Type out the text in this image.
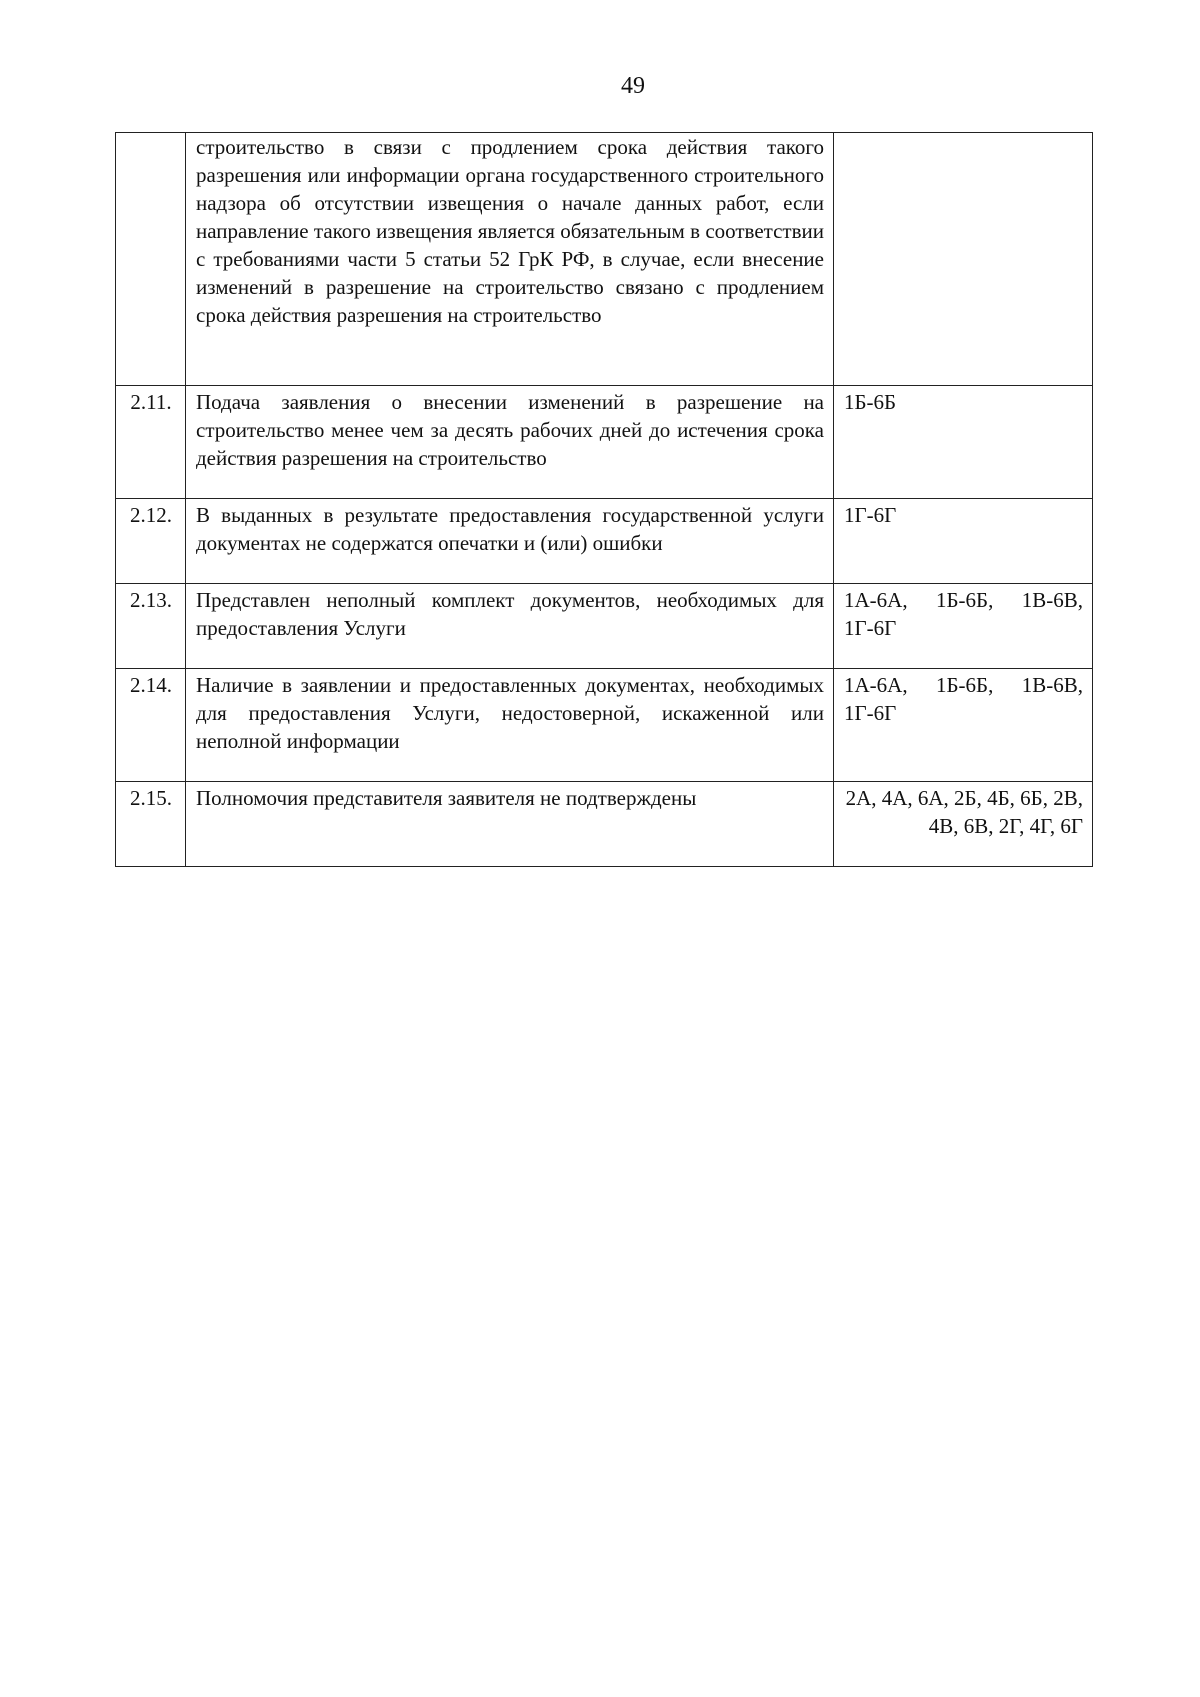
49

	строительство в связи с продлением срока действия такого разрешения или информации органа государственного строительного надзора об отсутствии извещения о начале данных работ, если направление такого извещения является обязательным в соответствии с требованиями части 5 статьи 52 ГрК РФ, в случае, если внесение изменений в разрешение на строительство связано с продлением срока действия разрешения на строительство	

2.11.	Подача заявления о внесении изменений в разрешение на строительство менее чем за десять рабочих дней до истечения срока действия разрешения на строительство	1Б-6Б
2.12.	В выданных в результате предоставления государственной услуги документах не содержатся опечатки и (или) ошибки	1Г-6Г
2.13.	Представлен неполный комплект документов, необходимых для предоставления Услуги	1А-6А, 1Б-6Б, 1В-6В, 1Г-6Г
2.14.	Наличие в заявлении и предоставленных документах, необходимых для предоставления Услуги, недостоверной, искаженной или неполной информации	1А-6А, 1Б-6Б, 1В-6В, 1Г-6Г
2.15.	Полномочия представителя заявителя не подтверждены	2А, 4А, 6А, 2Б, 4Б, 6Б, 2В, 4В, 6В, 2Г, 4Г, 6Г
